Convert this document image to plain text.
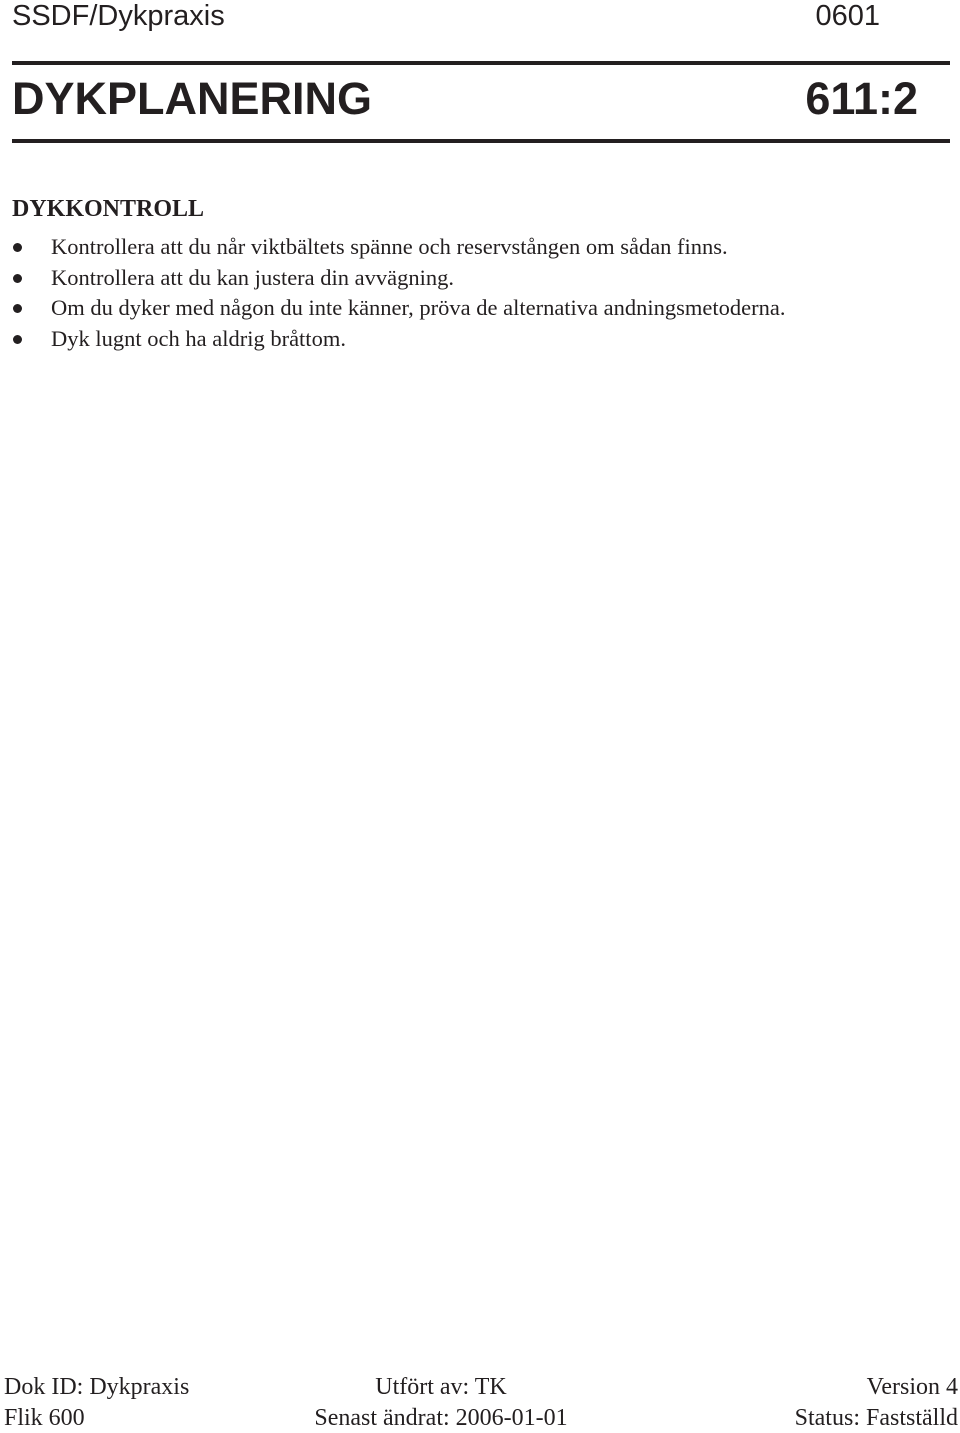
SSDF/Dykpraxis	0601
DYKPLANERING	611:2
DYKKONTROLL
Kontrollera att du når viktbältets spänne och reservstången om sådan finns.
Kontrollera att du kan justera din avvägning.
Om du dyker med någon du inte känner, pröva de alternativa andningsmetoderna.
Dyk lugnt och ha aldrig bråttom.
Dok ID: Dykpraxis	Utfört av: TK	Version 4
Flik 600	Senast ändrat: 2006-01-01	Status: Fastställd
